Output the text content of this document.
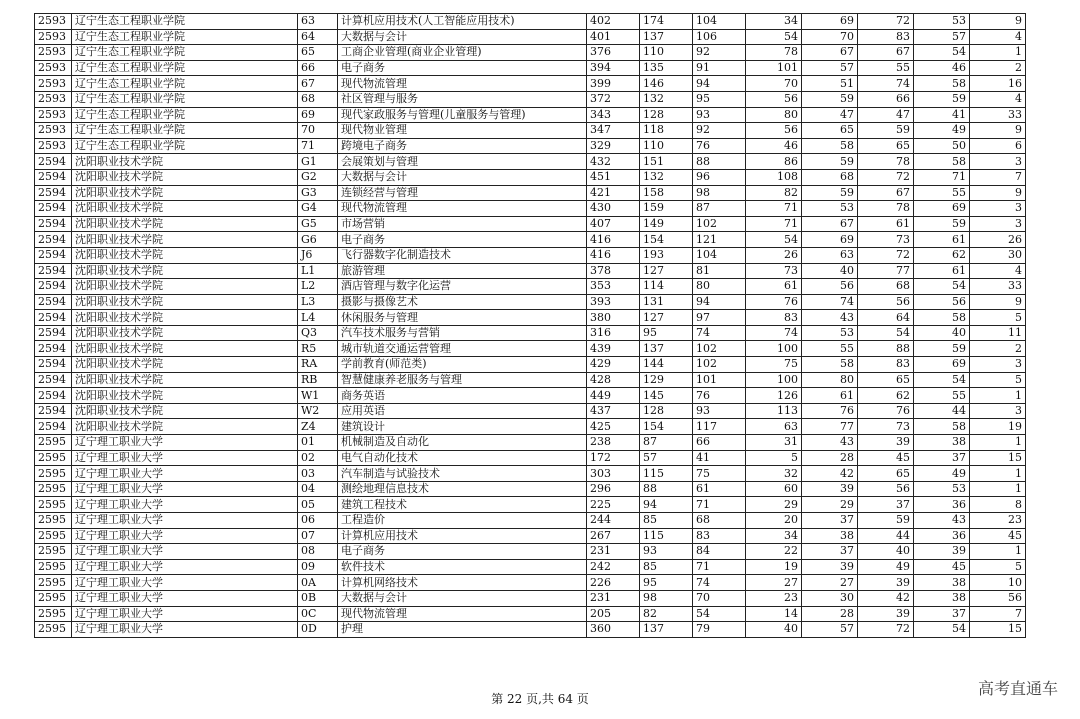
2593	辽宁生态工程职业学院	63	计算机应用技术(人工智能应用技术)	402	174	104	34	69	72	53	9
2593	辽宁生态工程职业学院	64	大数据与会计	401	137	106	54	70	83	57	4
2593	辽宁生态工程职业学院	65	工商企业管理(商业企业管理)	376	110	92	78	67	67	54	1
2593	辽宁生态工程职业学院	66	电子商务	394	135	91	101	57	55	46	2
2593	辽宁生态工程职业学院	67	现代物流管理	399	146	94	70	51	74	58	16
2593	辽宁生态工程职业学院	68	社区管理与服务	372	132	95	56	59	66	59	4
2593	辽宁生态工程职业学院	69	现代家政服务与管理(儿童服务与管理)	343	128	93	80	47	47	41	33
2593	辽宁生态工程职业学院	70	现代物业管理	347	118	92	56	65	59	49	9
2593	辽宁生态工程职业学院	71	跨境电子商务	329	110	76	46	58	65	50	6
2594	沈阳职业技术学院	G1	会展策划与管理	432	151	88	86	59	78	58	3
2594	沈阳职业技术学院	G2	大数据与会计	451	132	96	108	68	72	71	7
2594	沈阳职业技术学院	G3	连锁经营与管理	421	158	98	82	59	67	55	9
2594	沈阳职业技术学院	G4	现代物流管理	430	159	87	71	53	78	69	3
2594	沈阳职业技术学院	G5	市场营销	407	149	102	71	67	61	59	3
2594	沈阳职业技术学院	G6	电子商务	416	154	121	54	69	73	61	26
2594	沈阳职业技术学院	J6	飞行器数字化制造技术	416	193	104	26	63	72	62	30
2594	沈阳职业技术学院	L1	旅游管理	378	127	81	73	40	77	61	4
2594	沈阳职业技术学院	L2	酒店管理与数字化运营	353	114	80	61	56	68	54	33
2594	沈阳职业技术学院	L3	摄影与摄像艺术	393	131	94	76	74	56	56	9
2594	沈阳职业技术学院	L4	休闲服务与管理	380	127	97	83	43	64	58	5
2594	沈阳职业技术学院	Q3	汽车技术服务与营销	316	95	74	74	53	54	40	11
2594	沈阳职业技术学院	R5	城市轨道交通运营管理	439	137	102	100	55	88	59	2
2594	沈阳职业技术学院	RA	学前教育(师范类)	429	144	102	75	58	83	69	3
2594	沈阳职业技术学院	RB	智慧健康养老服务与管理	428	129	101	100	80	65	54	5
2594	沈阳职业技术学院	W1	商务英语	449	145	76	126	61	62	55	1
2594	沈阳职业技术学院	W2	应用英语	437	128	93	113	76	76	44	3
2594	沈阳职业技术学院	Z4	建筑设计	425	154	117	63	77	73	58	19
2595	辽宁理工职业大学	01	机械制造及自动化	238	87	66	31	43	39	38	1
2595	辽宁理工职业大学	02	电气自动化技术	172	57	41	5	28	45	37	15
2595	辽宁理工职业大学	03	汽车制造与试验技术	303	115	75	32	42	65	49	1
2595	辽宁理工职业大学	04	测绘地理信息技术	296	88	61	60	39	56	53	1
2595	辽宁理工职业大学	05	建筑工程技术	225	94	71	29	29	37	36	8
2595	辽宁理工职业大学	06	工程造价	244	85	68	20	37	59	43	23
2595	辽宁理工职业大学	07	计算机应用技术	267	115	83	34	38	44	36	45
2595	辽宁理工职业大学	08	电子商务	231	93	84	22	37	40	39	1
2595	辽宁理工职业大学	09	软件技术	242	85	71	19	39	49	45	5
2595	辽宁理工职业大学	0A	计算机网络技术	226	95	74	27	27	39	38	10
2595	辽宁理工职业大学	0B	大数据与会计	231	98	70	23	30	42	38	56
2595	辽宁理工职业大学	0C	现代物流管理	205	82	54	14	28	39	37	7
2595	辽宁理工职业大学	0D	护理	360	137	79	40	57	72	54	15
第 22 页,共 64 页
高考直通车
